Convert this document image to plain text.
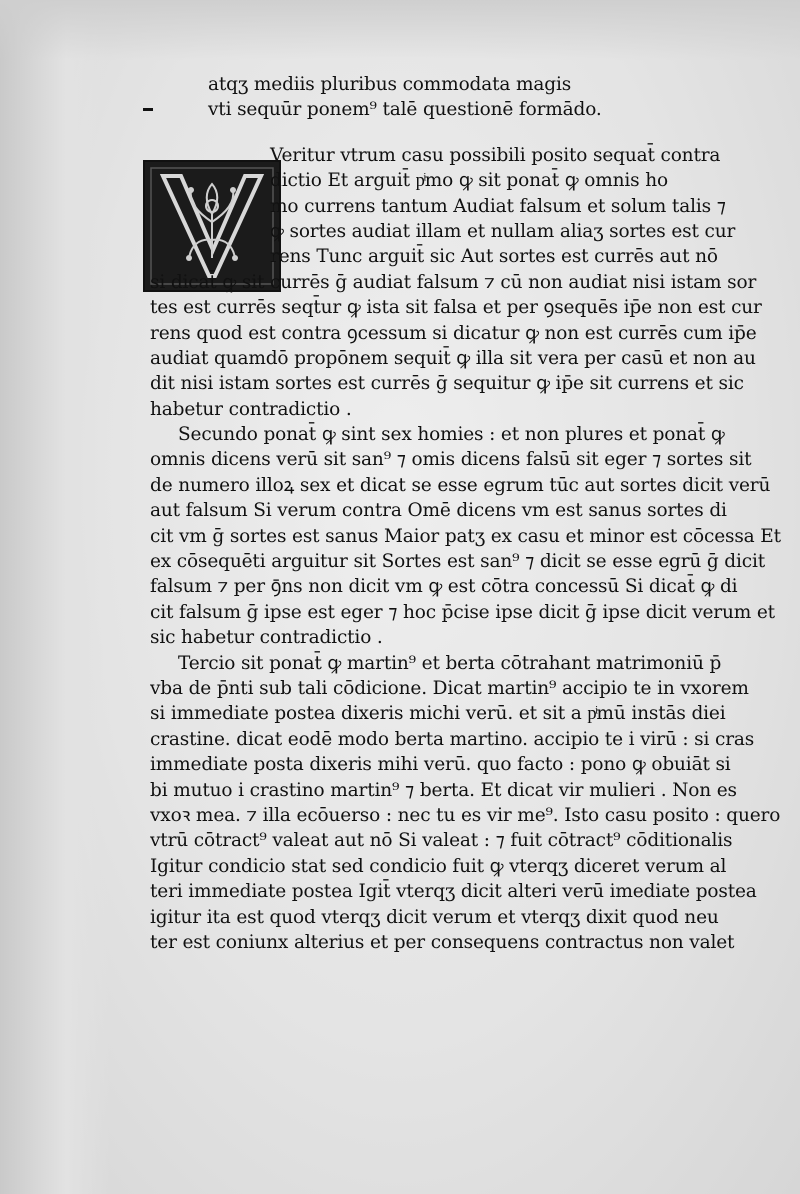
atqʒ mediis pluribus commodata magis
vti sequūr ponem⁹ talē questionē formādo.
Veritur vtrum casu possibili posito sequat̄ contra
dictio Et arguit̄ pͥmo ꝙ sit ponat̄ ꝙ omnis ho
mo currens tantum Audiat falsum et solum talis ⁊
ꝙ sortes audiat illam et nullam aliaʒ sortes est cur
rens Tunc arguit̄ sic Aut sortes est currēs aut nō
si dicat̄ ꝙ sit currēs ḡ audiat falsum ⁊ cū non audiat nisi istam sor
tes est currēs seqt̄ur ꝙ ista sit falsa et per ꝯsequēs ip̄e non est cur
rens quod est contra ꝯcessum si dicatur ꝙ non est currēs cum ip̄e
audiat quamdō propōnem sequit̄ ꝙ illa sit vera per casū et non au
dit nisi istam sortes est currēs ḡ sequitur ꝙ ip̄e sit currens et sic
habetur contradictio .
Secundo ponat̄ ꝙ sint sex homies : et non plures et ponat̄ ꝙ
omnis dicens verū sit san⁹ ⁊ omis dicens falsū sit eger ⁊ sortes sit
de numero illoꝝ sex et dicat se esse egrum tūc aut sortes dicit verū
aut falsum Si verum contra Omē dicens vm est sanus sortes di
cit vm ḡ sortes est sanus Maior patʒ ex casu et minor est cōcessa Et
ex cōsequēti arguitur sit Sortes est san⁹ ⁊ dicit se esse egrū ḡ dicit
falsum ⁊ per ꝯ̄ns non dicit vm ꝙ est cōtra concessū Si dicat̄ ꝙ di
cit falsum ḡ ipse est eger ⁊ hoc p̄cise ipse dicit ḡ ipse dicit verum et
sic habetur contradictio .
Tercio sit ponat̄ ꝙ martin⁹ et berta cōtrahant matrimoniū p̄
vba de p̄nti sub tali cōdicione. Dicat martin⁹ accipio te in vxorem
si immediate postea dixeris michi verū. et sit a pͥmū instās diei
crastine. dicat eodē modo berta martino. accipio te i virū : si cras
immediate posta dixeris mihi verū. quo facto : pono ꝙ obuiāt si
bi mutuo i crastino martin⁹ ⁊ berta. Et dicat vir mulieri . Non es
vxoꝛ mea. ⁊ illa ecōuerso : nec tu es vir me⁹. Isto casu posito : quero
vtrū cōtract⁹ valeat aut nō Si valeat : ⁊ fuit cōtract⁹ cōditionalis
Igitur condicio stat sed condicio fuit ꝙ vterqʒ diceret verum al
teri immediate postea Igit̄ vterqʒ dicit alteri verū imediate postea
igitur ita est quod vterqʒ dicit verum et vterqʒ dixit quod neu
ter est coniunx alterius et per consequens contractus non valet
